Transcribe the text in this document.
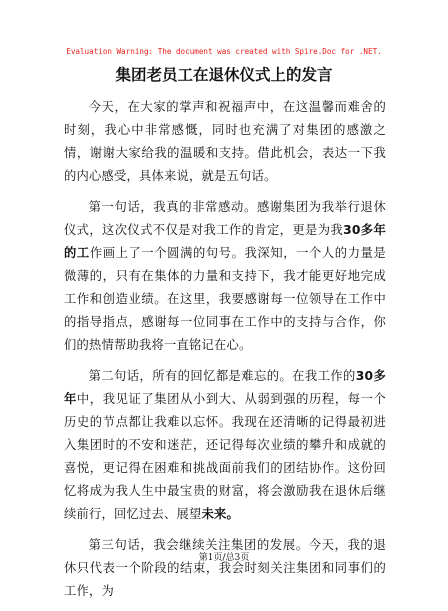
Evaluation Warning: The document was created with Spire.Doc for .NET.
集团老员工在退休仪式上的发言

今天，在大家的掌声和祝福声中，在这温馨而难舍的时刻，我心中非常感慨，同时也充满了对集团的感激之情，谢谢大家给我的温暖和支持。借此机会，表达一下我的内心感受，具体来说，就是五句话。

第一句话，我真的非常感动。感谢集团为我举行退休仪式，这次仪式不仅是对我工作的肯定，更是为我30多年的工作画上了一个圆满的句号。我深知，一个人的力量是微薄的，只有在集体的力量和支持下，我才能更好地完成工作和创造业绩。在这里，我要感谢每一位领导在工作中的指导指点，感谢每一位同事在工作中的支持与合作，你们的热情帮助我将一直铭记在心。

第二句话，所有的回忆都是难忘的。在我工作的30多年中，我见证了集团从小到大、从弱到强的历程，每一个历史的节点都让我难以忘怀。我现在还清晰的记得最初进入集团时的不安和迷茫，还记得每次业绩的攀升和成就的喜悦，更记得在困难和挑战面前我们的团结协作。这份回忆将成为我人生中最宝贵的财富，将会激励我在退休后继续前行，回忆过去、展望未来。

第三句话，我会继续关注集团的发展。今天，我的退休只代表一个阶段的结束，我会时刻关注集团和同事们的工作，为

第1页/总3页
